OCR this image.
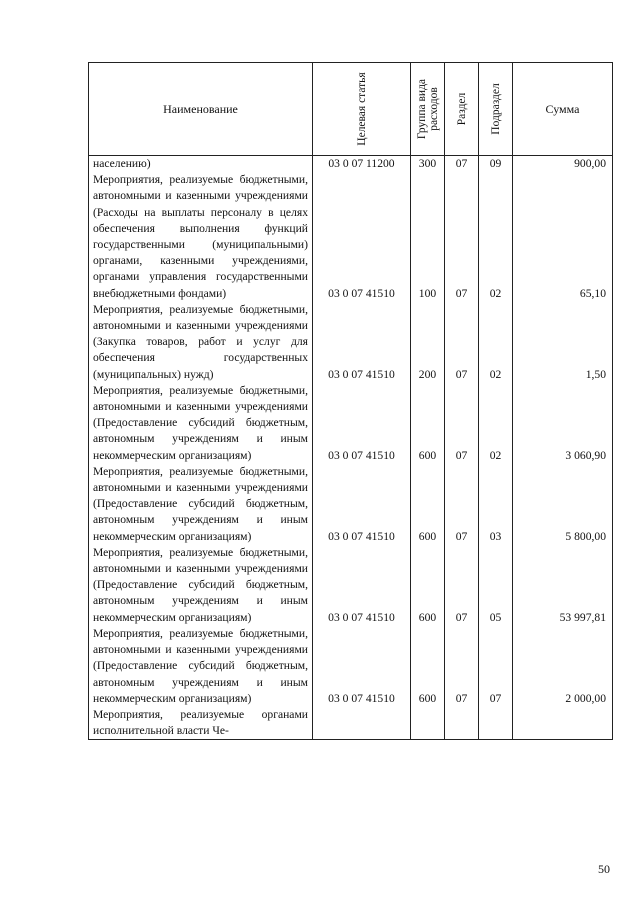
Наименование	Целевая статья	Группа вида расходов	Раздел	Подраздел	Сумма
населению)	03 0 07 11200	300	07	09	900,00
Мероприятия, реализуемые бюджетными, автономными и казенными учреждениями (Расходы на выплаты персоналу в целях обеспечения выполнения функций государственными (муниципальными) органами, казенными учреждениями, органами управления государственными внебюджетными фондами)	03 0 07 41510	100	07	02	65,10
Мероприятия, реализуемые бюджетными, автономными и казенными учреждениями (Закупка товаров, работ и услуг для обеспечения государственных (муниципальных) нужд)	03 0 07 41510	200	07	02	1,50
Мероприятия, реализуемые бюджетными, автономными и казенными учреждениями (Предоставление субсидий бюджетным, автономным учреждениям и иным некоммерческим организациям)	03 0 07 41510	600	07	02	3 060,90
Мероприятия, реализуемые бюджетными, автономными и казенными учреждениями (Предоставление субсидий бюджетным, автономным учреждениям и иным некоммерческим организациям)	03 0 07 41510	600	07	03	5 800,00
Мероприятия, реализуемые бюджетными, автономными и казенными учреждениями (Предоставление субсидий бюджетным, автономным учреждениям и иным некоммерческим организациям)	03 0 07 41510	600	07	05	53 997,81
Мероприятия, реализуемые бюджетными, автономными и казенными учреждениями (Предоставление субсидий бюджетным, автономным учреждениям и иным некоммерческим организациям)	03 0 07 41510	600	07	07	2 000,00
Мероприятия, реализуемые органами исполнительной власти Че-					
50
